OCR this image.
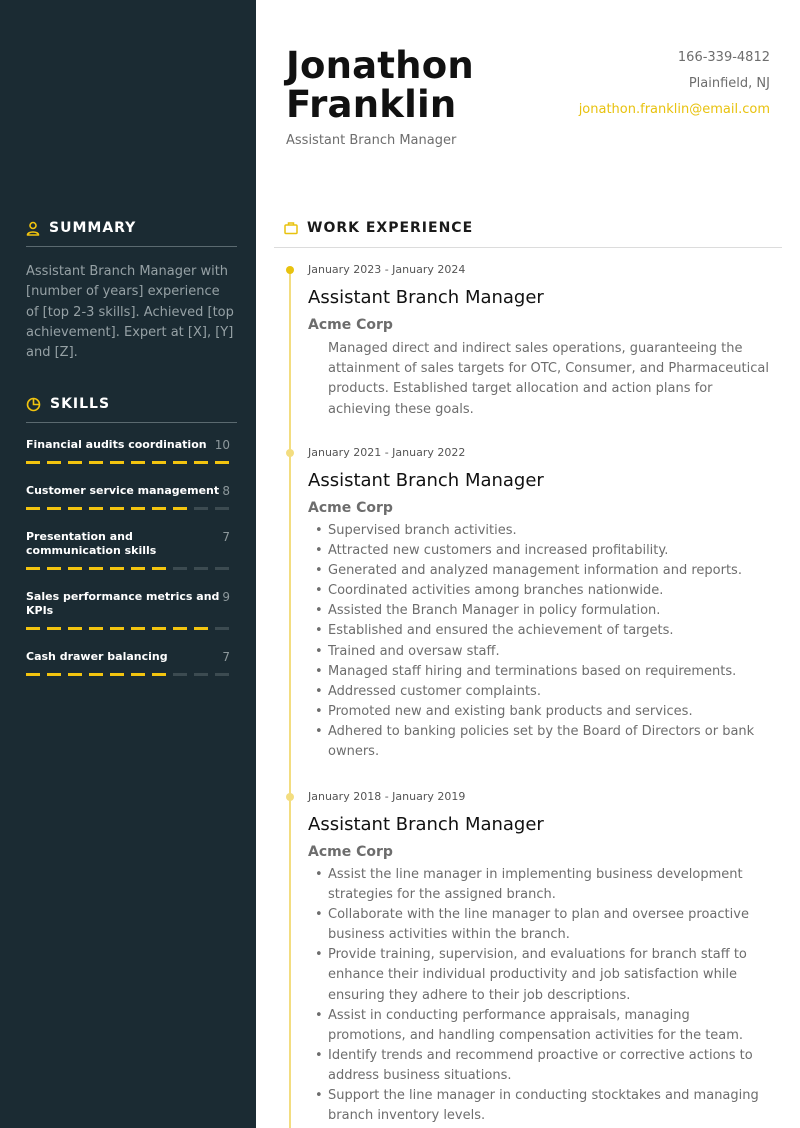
SUMMARY

Assistant Branch Manager with [number of years] experience of [top 2-3 skills]. Achieved [top achievement]. Expert at [X], [Y] and [Z].

SKILLS
Financial audits coordination 10
Customer service management 8
Presentation and communication skills
7
Sales performance metrics and KPIs
9
Cash drawer balancing	7
Jonathon
Franklin
Assistant Branch Manager
166-339-4812
Plainfield, NJ
jonathon.franklin@email.com
WORK EXPERIENCE
January 2023 - January 2024
Assistant Branch Manager
Acme Corp

Managed direct and indirect sales operations, guaranteeing the attainment of sales targets for OTC, Consumer, and Pharmaceutical products. Established target allocation and action plans for achieving these goals.

January 2021 - January 2022
Assistant Branch Manager
Acme Corp
• Supervised branch activities.
• Attracted new customers and increased profitability.
• Generated and analyzed management information and reports.
• Coordinated activities among branches nationwide.
• Assisted the Branch Manager in policy formulation.
• Established and ensured the achievement of targets.
• Trained and oversaw staff.
• Managed staff hiring and terminations based on requirements.
• Addressed customer complaints.
• Promoted new and existing bank products and services.
• Adhered to banking policies set by the Board of Directors or bank owners.
January 2018 - January 2019
Assistant Branch Manager
Acme Corp
• Assist the line manager in implementing business development strategies for the assigned branch.
• Collaborate with the line manager to plan and oversee proactive business activities within the branch.
• Provide training, supervision, and evaluations for branch staff to enhance their individual productivity and job satisfaction while ensuring they adhere to their job descriptions.
• Assist in conducting performance appraisals, managing promotions, and handling compensation activities for the team.
• Identify trends and recommend proactive or corrective actions to address business situations.
• Support the line manager in conducting stocktakes and managing branch inventory levels.
